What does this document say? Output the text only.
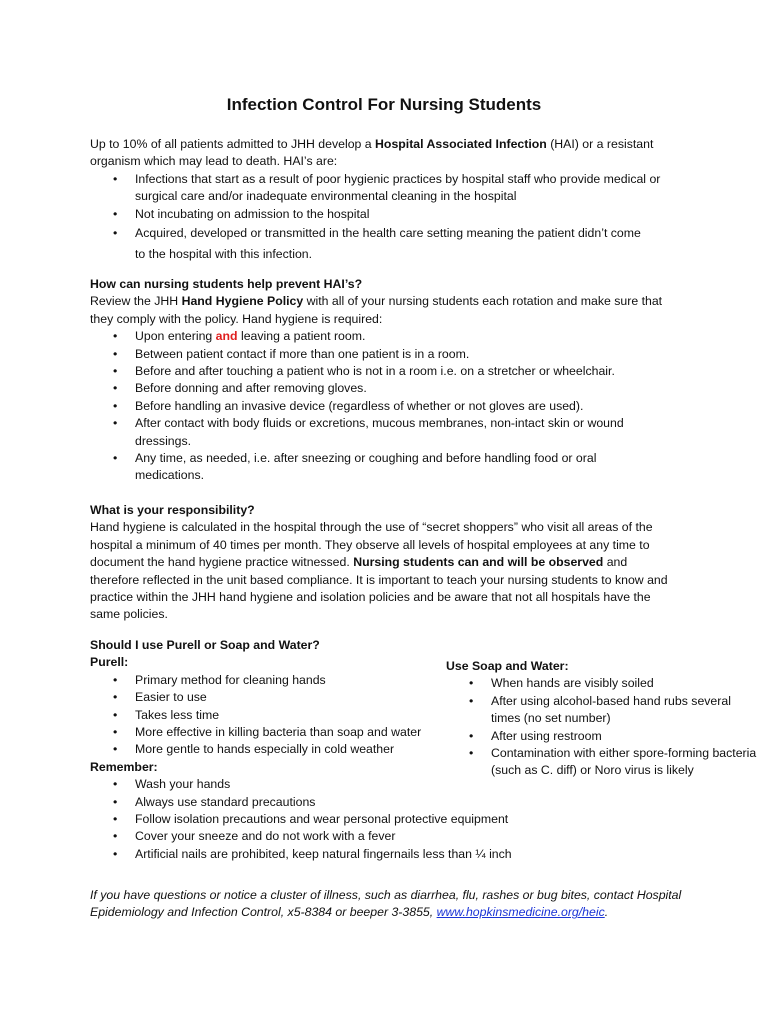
Infection Control For Nursing Students

Up to 10% of all patients admitted to JHH develop a Hospital Associated Infection (HAI) or a resistant organism which may lead to death. HAI’s are:

• Infections that start as a result of poor hygienic practices by hospital staff who provide medical or surgical care and/or inadequate environmental cleaning in the hospital
• Not incubating on admission to the hospital
• Acquired, developed or transmitted in the health care setting meaning the patient didn’t come to the hospital with this infection.

How can nursing students help prevent HAI’s?

Review the JHH Hand Hygiene Policy with all of your nursing students each rotation and make sure that they comply with the policy. Hand hygiene is required:

• Upon entering and leaving a patient room.
• Between patient contact if more than one patient is in a room.
• Before and after touching a patient who is not in a room i.e. on a stretcher or wheelchair.
• Before donning and after removing gloves.
• Before handling an invasive device (regardless of whether or not gloves are used).
• After contact with body fluids or excretions, mucous membranes, non-intact skin or wound dressings.
• Any time, as needed, i.e. after sneezing or coughing and before handling food or oral medications.

What is your responsibility?

Hand hygiene is calculated in the hospital through the use of “secret shoppers” who visit all areas of the hospital a minimum of 40 times per month. They observe all levels of hospital employees at any time to document the hand hygiene practice witnessed. Nursing students can and will be observed and therefore reflected in the unit based compliance. It is important to teach your nursing students to know and practice within the JHH hand hygiene and isolation policies and be aware that not all hospitals have the same policies.

Should I use Purell or Soap and Water?

Purell:

• Primary method for cleaning hands
• Easier to use
• Takes less time
• More effective in killing bacteria than soap and water
• More gentle to hands especially in cold weather

Remember:

• Wash your hands
• Always use standard precautions
• Follow isolation precautions and wear personal protective equipment
• Cover your sneeze and do not work with a fever
• Artificial nails are prohibited, keep natural fingernails less than ¼ inch

Use Soap and Water:

• When hands are visibly soiled
• After using alcohol-based hand rubs several times (no set number)
• After using restroom
• Contamination with either spore-forming bacteria (such as C. diff) or Noro virus is likely

If you have questions or notice a cluster of illness, such as diarrhea, flu, rashes or bug bites, contact Hospital Epidemiology and Infection Control, x5-8384 or beeper 3-3855, www.hopkinsmedicine.org/heic.
